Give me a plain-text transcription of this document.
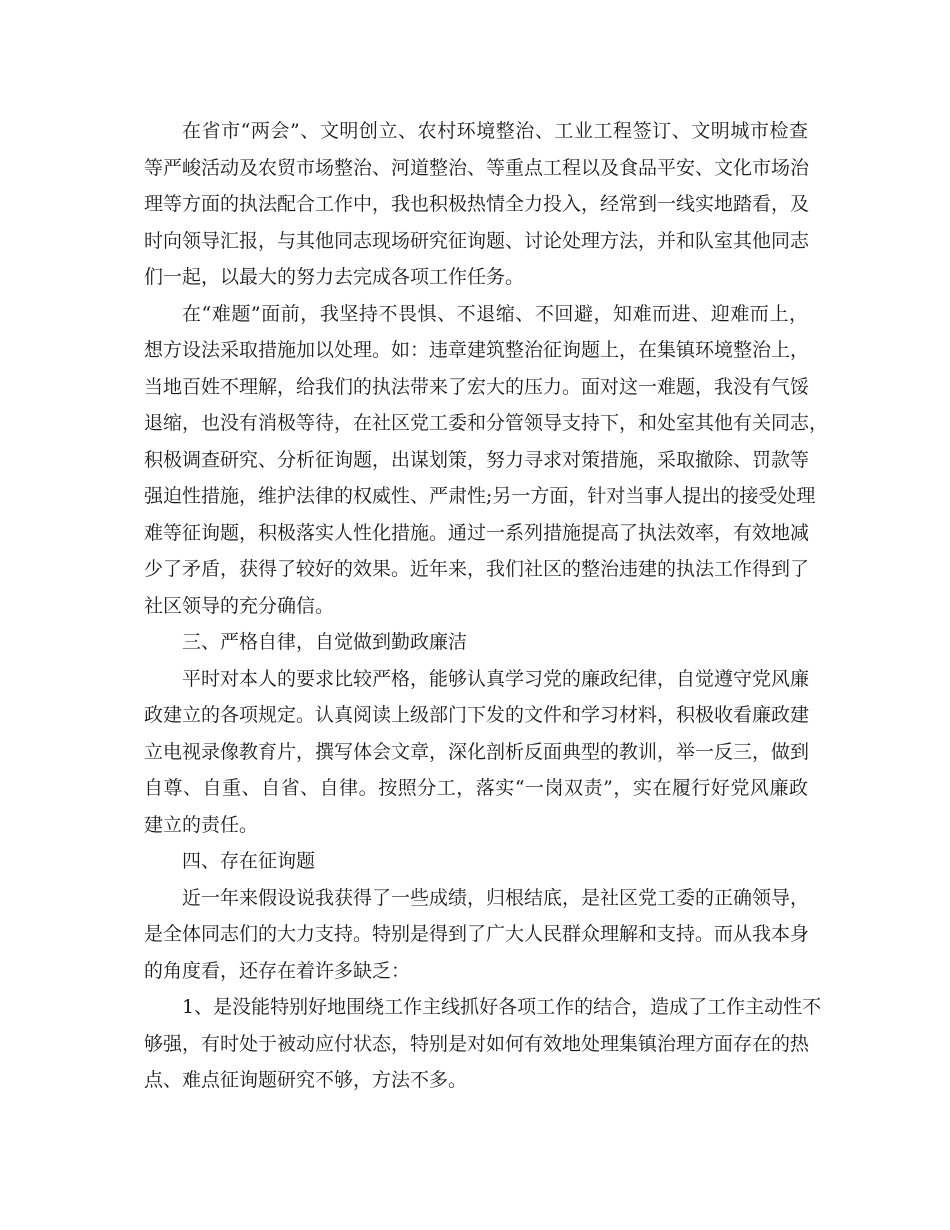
在省市“两会”、文明创立、农村环境整治、工业工程签订、文明城市检查
等严峻活动及农贸市场整治、河道整治、等重点工程以及食品平安、文化市场治
理等方面的执法配合工作中，我也积极热情全力投入，经常到一线实地踏看，及
时向领导汇报，与其他同志现场研究征询题、讨论处理方法，并和队室其他同志
们一起，以最大的努力去完成各项工作任务。
在“难题”面前，我坚持不畏惧、不退缩、不回避，知难而进、迎难而上，
想方设法采取措施加以处理。如：违章建筑整治征询题上，在集镇环境整治上，
当地百姓不理解，给我们的执法带来了宏大的压力。面对这一难题，我没有气馁
退缩，也没有消极等待，在社区党工委和分管领导支持下，和处室其他有关同志，
积极调查研究、分析征询题，出谋划策，努力寻求对策措施，采取撤除、罚款等
强迫性措施，维护法律的权威性、严肃性;另一方面，针对当事人提出的接受处理
难等征询题，积极落实人性化措施。通过一系列措施提高了执法效率，有效地减
少了矛盾，获得了较好的效果。近年来，我们社区的整治违建的执法工作得到了
社区领导的充分确信。
三、严格自律，自觉做到勤政廉洁
平时对本人的要求比较严格，能够认真学习党的廉政纪律，自觉遵守党风廉
政建立的各项规定。认真阅读上级部门下发的文件和学习材料，积极收看廉政建
立电视录像教育片，撰写体会文章，深化剖析反面典型的教训，举一反三，做到
自尊、自重、自省、自律。按照分工，落实“一岗双责”，实在履行好党风廉政
建立的责任。
四、存在征询题
近一年来假设说我获得了一些成绩，归根结底，是社区党工委的正确领导，
是全体同志们的大力支持。特别是得到了广大人民群众理解和支持。而从我本身
的角度看，还存在着许多缺乏：
1、是没能特别好地围绕工作主线抓好各项工作的结合，造成了工作主动性不
够强，有时处于被动应付状态，特别是对如何有效地处理集镇治理方面存在的热
点、难点征询题研究不够，方法不多。
